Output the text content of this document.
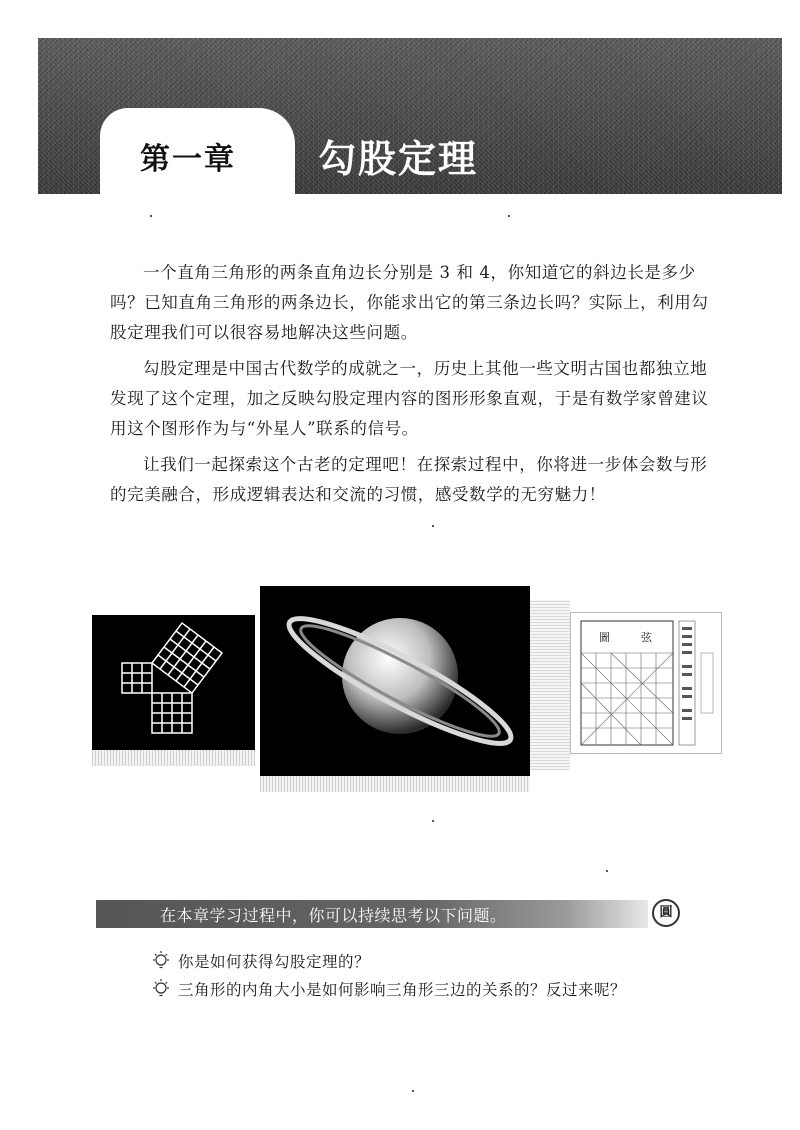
第一章 勾股定理

一个直角三角形的两条直角边长分别是 3 和 4，你知道它的斜边长是多少吗？已知直角三角形的两条边长，你能求出它的第三条边长吗？实际上，利用勾股定理我们可以很容易地解决这些问题。

勾股定理是中国古代数学的成就之一，历史上其他一些文明古国也都独立地发现了这个定理，加之反映勾股定理内容的图形形象直观，于是有数学家曾建议用这个图形作为与“外星人”联系的信号。

让我们一起探索这个古老的定理吧！在探索过程中，你将进一步体会数与形的完美融合，形成逻辑表达和交流的习惯，感受数学的无穷魅力！

圖	弦
在本章学习过程中，你可以持续思考以下问题。	圓
你是如何获得勾股定理的？
三角形的内角大小是如何影响三角形三边的关系的？反过来呢？
